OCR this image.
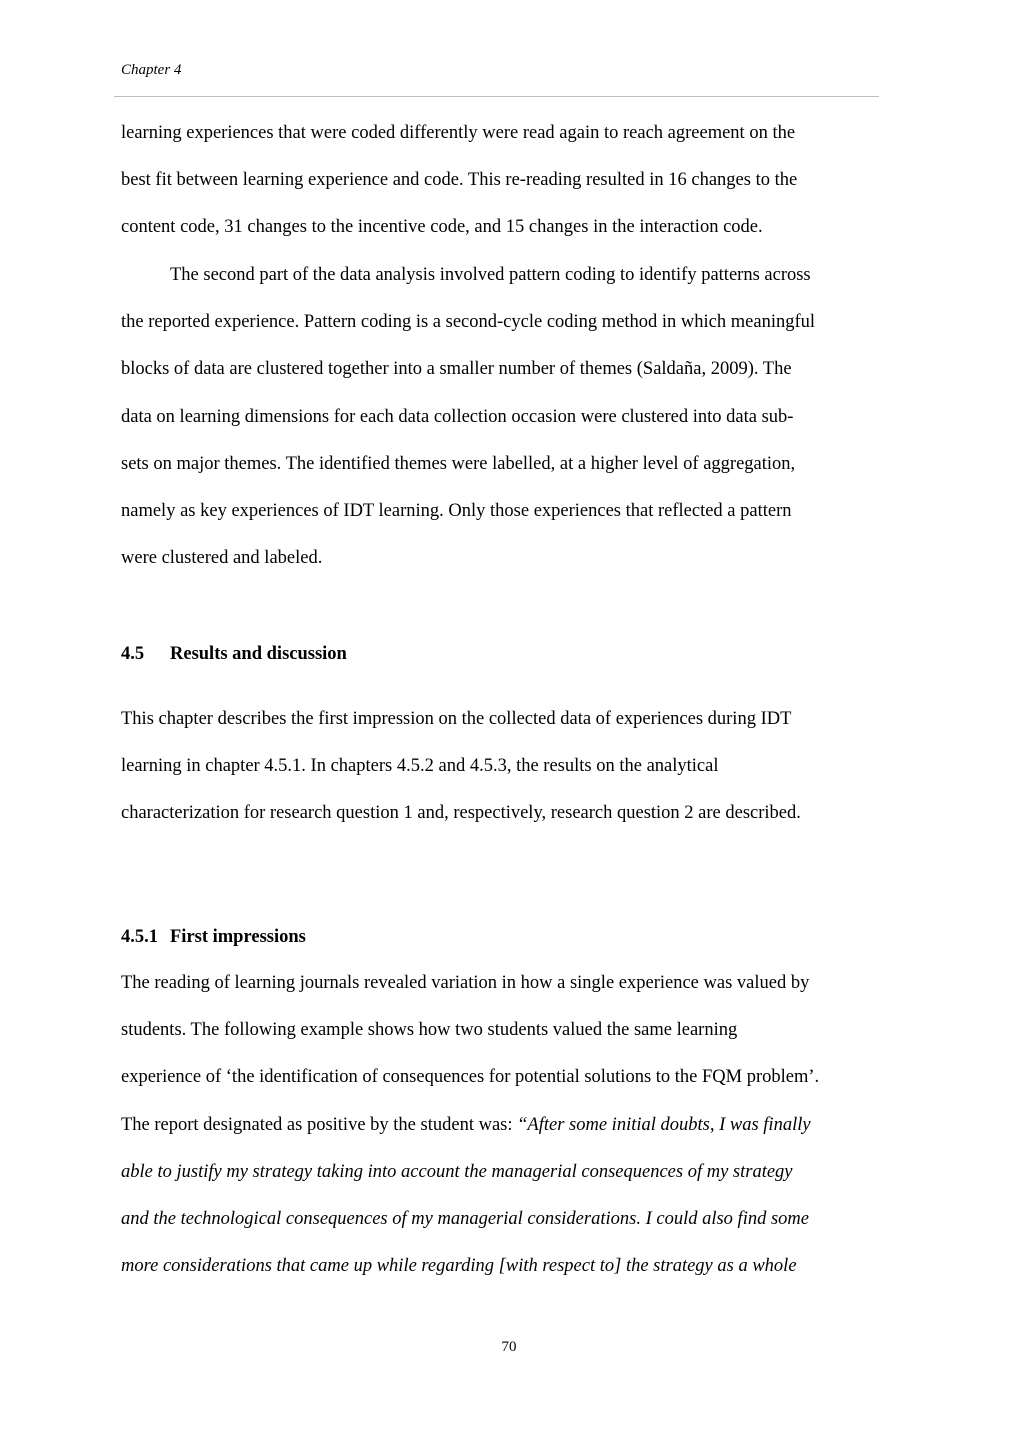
Chapter 4

learning experiences that were coded differently were read again to reach agreement on the
best fit between learning experience and code. This re-reading resulted in 16 changes to the
content code, 31 changes to the incentive code, and 15 changes in the interaction code.

The second part of the data analysis involved pattern coding to identify patterns across
the reported experience. Pattern coding is a second-cycle coding method in which meaningful
blocks of data are clustered together into a smaller number of themes (Saldaña, 2009). The
data on learning dimensions for each data collection occasion were clustered into data sub-
sets on major themes. The identified themes were labelled, at a higher level of aggregation,
namely as key experiences of IDT learning. Only those experiences that reflected a pattern
were clustered and labeled.

4.5 Results and discussion

This chapter describes the first impression on the collected data of experiences during IDT
learning in chapter 4.5.1. In chapters 4.5.2 and 4.5.3, the results on the analytical
characterization for research question 1 and, respectively, research question 2 are described.

4.5.1 First impressions

The reading of learning journals revealed variation in how a single experience was valued by
students. The following example shows how two students valued the same learning
experience of ‘the identification of consequences for potential solutions to the FQM problem’.
The report designated as positive by the student was: “After some initial doubts, I was finally
able to justify my strategy taking into account the managerial consequences of my strategy
and the technological consequences of my managerial considerations. I could also find some
more considerations that came up while regarding [with respect to] the strategy as a whole

70
